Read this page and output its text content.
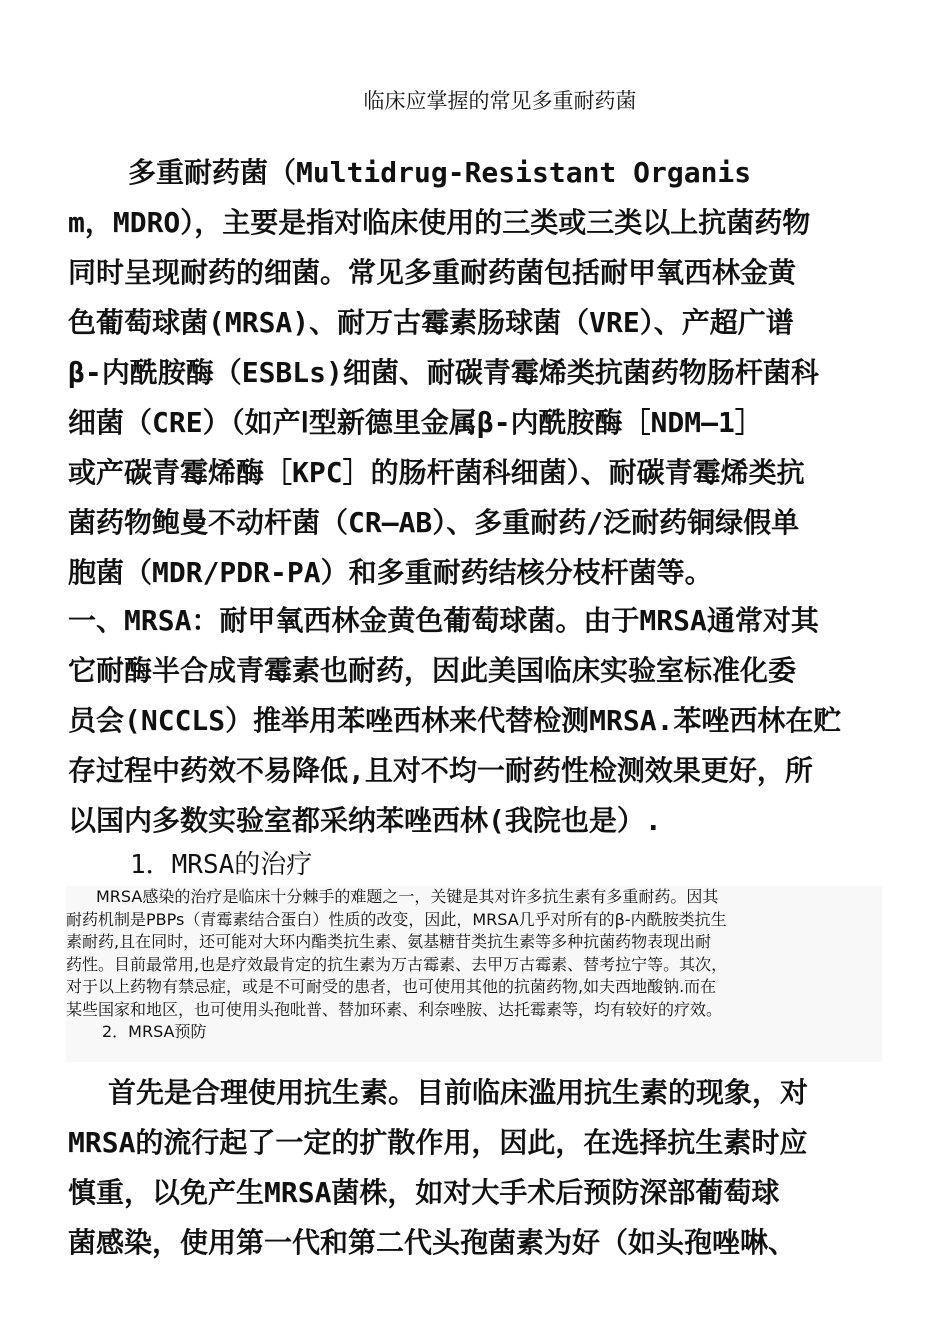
临床应掌握的常见多重耐药菌
多重耐药菌（Multidrug-Resistant Organis
m，MDRO），主要是指对临床使用的三类或三类以上抗菌药物
同时呈现耐药的细菌。常见多重耐药菌包括耐甲氧西林金黄
色葡萄球菌(MRSA)、耐万古霉素肠球菌（VRE）、产超广谱
β-内酰胺酶（ESBLs)细菌、耐碳青霉烯类抗菌药物肠杆菌科
细菌（CRE）（如产Ⅰ型新德里金属β-内酰胺酶［NDM—1］
或产碳青霉烯酶［KPC］的肠杆菌科细菌）、耐碳青霉烯类抗
菌药物鲍曼不动杆菌（CR—AB）、多重耐药/泛耐药铜绿假单
胞菌（MDR/PDR-PA）和多重耐药结核分枝杆菌等。
一、MRSA：耐甲氧西林金黄色葡萄球菌。由于MRSA通常对其
它耐酶半合成青霉素也耐药，因此美国临床实验室标准化委
员会(NCCLS）推举用苯唑西林来代替检测MRSA.苯唑西林在贮
存过程中药效不易降低,且对不均一耐药性检测效果更好，所
以国内多数实验室都采纳苯唑西林(我院也是）.
1．MRSA的治疗
MRSA感染的治疗是临床十分棘手的难题之一，关键是其对许多抗生素有多重耐药。因其
耐药机制是PBPs（青霉素结合蛋白）性质的改变，因此，MRSA几乎对所有的β-内酰胺类抗生
素耐药,且在同时，还可能对大环内酯类抗生素、氨基糖苷类抗生素等多种抗菌药物表现出耐
药性。目前最常用,也是疗效最肯定的抗生素为万古霉素、去甲万古霉素、替考拉宁等。其次，
对于以上药物有禁忌症，或是不可耐受的患者，也可使用其他的抗菌药物,如夫西地酸钠.而在
某些国家和地区，也可使用头孢吡普、替加环素、利奈唑胺、达托霉素等，均有较好的疗效。
2．MRSA预防
首先是合理使用抗生素。目前临床滥用抗生素的现象，对
MRSA的流行起了一定的扩散作用，因此，在选择抗生素时应
慎重，以免产生MRSA菌株，如对大手术后预防深部葡萄球
菌感染，使用第一代和第二代头孢菌素为好（如头孢唑啉、
